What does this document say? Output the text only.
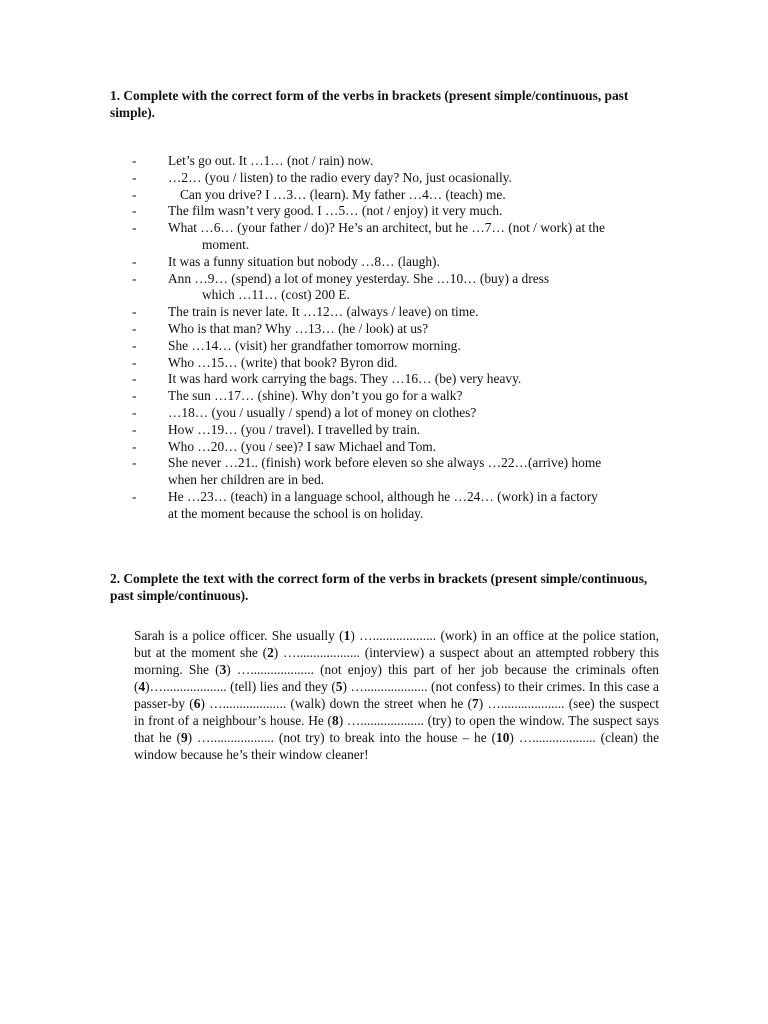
1. Complete with the correct form of the verbs in brackets (present simple/continuous, past simple).
- Let’s go out. It …1… (not / rain) now.
- …2… (you / listen) to the radio every day? No, just ocasionally.
-	Can you drive? I …3… (learn). My father …4… (teach) me.
- The film wasn’t very good. I …5… (not / enjoy) it very much.
- What …6… (your father / do)? He’s an architect, but he …7… (not / work) at the
moment.
- It was a funny situation but nobody …8… (laugh).
- Ann …9… (spend) a lot of money yesterday. She …10… (buy) a dress
which …11… (cost) 200 E.
- The train is never late. It …12… (always / leave) on time.
- Who is that man? Why …13… (he / look) at us?
- She …14… (visit) her grandfather tomorrow morning.
- Who …15… (write) that book? Byron did.
- It was hard work carrying the bags. They …16… (be) very heavy.
- The sun …17… (shine). Why don’t you go for a walk?
- …18… (you / usually / spend) a lot of money on clothes?
- How …19… (you / travel). I travelled by train.
- Who …20… (you / see)? I saw Michael and Tom.
- She never …21.. (finish) work before eleven so she always …22…(arrive) home
when her children are in bed.
- He …23… (teach) in a language school, although he …24… (work) in a factory
at the moment because the school is on holiday.
2. Complete the text with the correct form of the verbs in brackets (present simple/continuous, past simple/continuous).
Sarah is a police officer. She usually (1) …................... (work) in an office at the police station, but at the moment she (2) …................... (interview) a suspect about an attempted robbery this morning. She (3) …................... (not enjoy) this part of her job because the criminals often (4)…................... (tell) lies and they (5) …................... (not confess) to their crimes. In this case a passer-by (6) …................... (walk) down the street when he (7) …................... (see) the suspect in front of a neighbour’s house. He (8) …................... (try) to open the window. The suspect says that he (9) …................... (not try) to break into the house – he (10) …................... (clean) the window because he’s their window cleaner!
